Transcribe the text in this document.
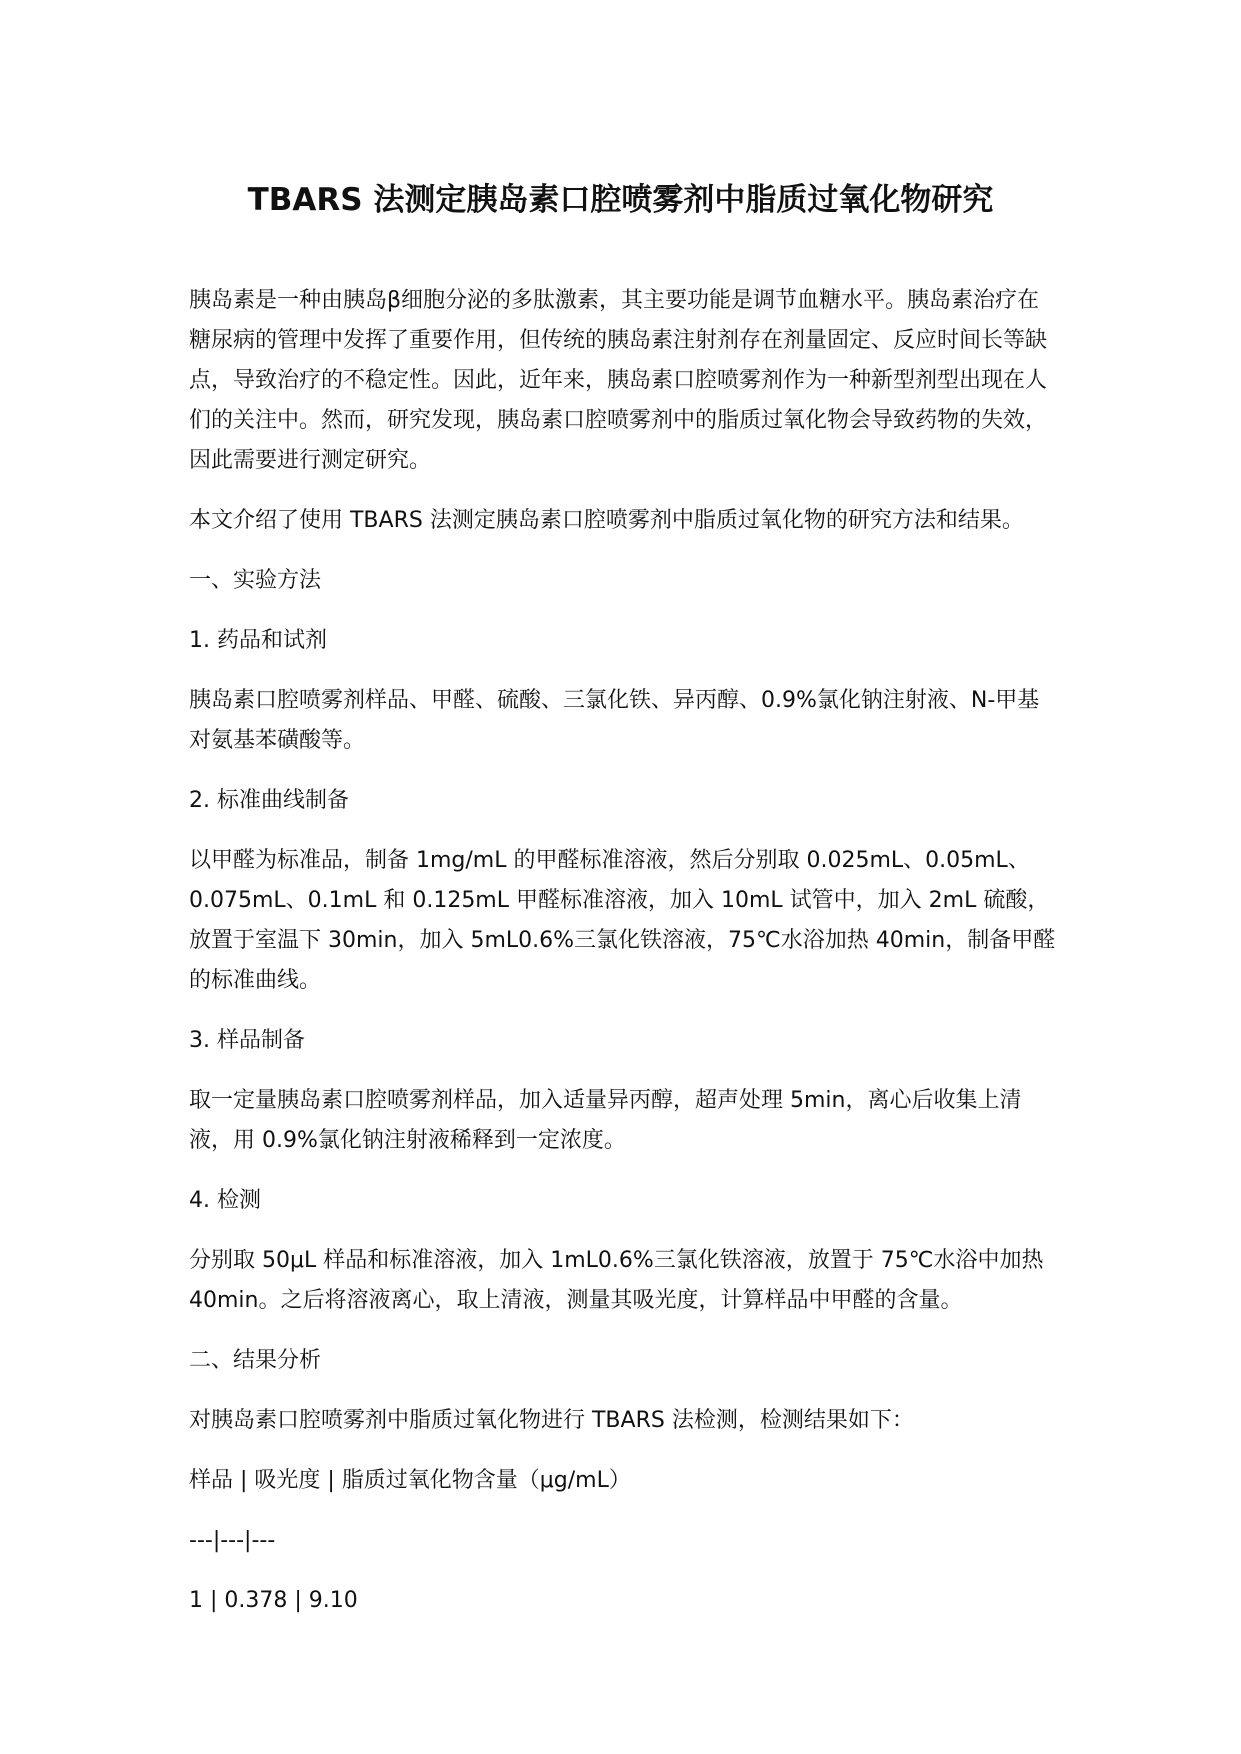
TBARS 法测定胰岛素口腔喷雾剂中脂质过氧化物研究

胰岛素是一种由胰岛β细胞分泌的多肽激素，其主要功能是调节血糖水平。胰岛素治疗在糖尿病的管理中发挥了重要作用，但传统的胰岛素注射剂存在剂量固定、反应时间长等缺点，导致治疗的不稳定性。因此，近年来，胰岛素口腔喷雾剂作为一种新型剂型出现在人们的关注中。然而，研究发现，胰岛素口腔喷雾剂中的脂质过氧化物会导致药物的失效，因此需要进行测定研究。

本文介绍了使用 TBARS 法测定胰岛素口腔喷雾剂中脂质过氧化物的研究方法和结果。

一、实验方法

1. 药品和试剂

胰岛素口腔喷雾剂样品、甲醛、硫酸、三氯化铁、异丙醇、0.9%氯化钠注射液、N-甲基对氨基苯磺酸等。

2. 标准曲线制备

以甲醛为标准品，制备 1mg/mL 的甲醛标准溶液，然后分别取 0.025mL、0.05mL、0.075mL、0.1mL 和 0.125mL 甲醛标准溶液，加入 10mL 试管中，加入 2mL 硫酸，放置于室温下 30min，加入 5mL0.6%三氯化铁溶液，75℃水浴加热 40min，制备甲醛的标准曲线。

3. 样品制备

取一定量胰岛素口腔喷雾剂样品，加入适量异丙醇，超声处理 5min，离心后收集上清液，用 0.9%氯化钠注射液稀释到一定浓度。

4. 检测

分别取 50μL 样品和标准溶液，加入 1mL0.6%三氯化铁溶液，放置于 75℃水浴中加热 40min。之后将溶液离心，取上清液，测量其吸光度，计算样品中甲醛的含量。

二、结果分析

对胰岛素口腔喷雾剂中脂质过氧化物进行 TBARS 法检测，检测结果如下：

样品 | 吸光度 | 脂质过氧化物含量（μg/mL）

---|---|---

1 | 0.378 | 9.10
